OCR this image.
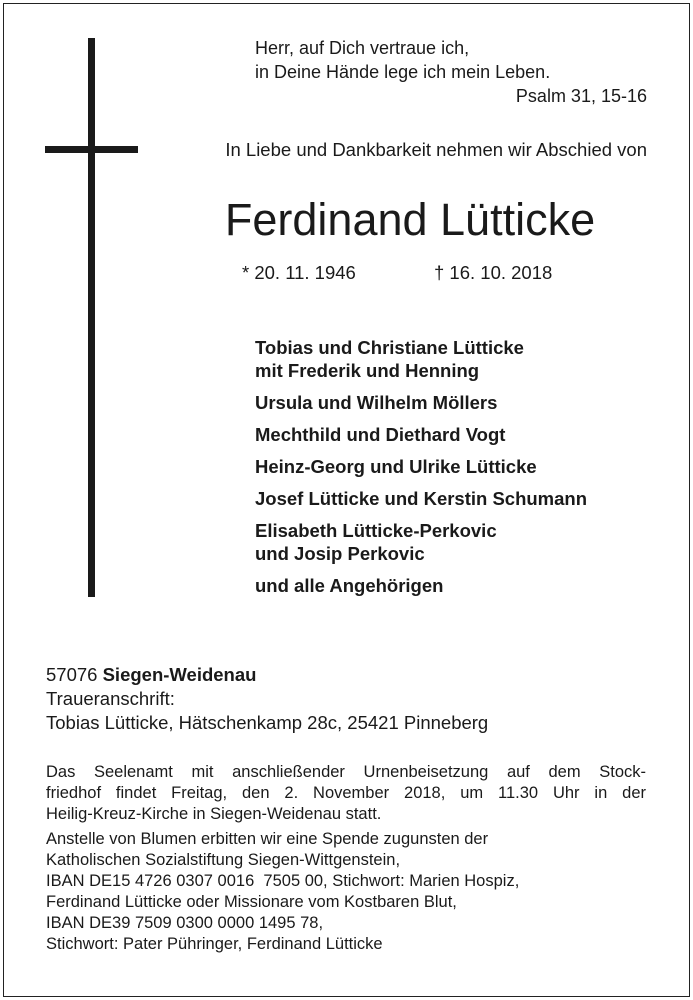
Herr, auf Dich vertraue ich,
in Deine Hände lege ich mein Leben.
Psalm 31, 15-16
In Liebe und Dankbarkeit nehmen wir Abschied von
Ferdinand Lütticke
* 20. 11. 1946	† 16. 10. 2018
Tobias und Christiane Lütticke
mit Frederik und Henning
Ursula und Wilhelm Möllers
Mechthild und Diethard Vogt
Heinz-Georg und Ulrike Lütticke
Josef Lütticke und Kerstin Schumann
Elisabeth Lütticke-Perkovic
und Josip Perkovic
und alle Angehörigen
57076 Siegen-Weidenau
Traueranschrift:
Tobias Lütticke, Hätschenkamp 28c, 25421 Pinneberg
Das Seelenamt mit anschließender Urnenbeisetzung auf dem Stock-
friedhof findet Freitag, den 2. November 2018, um 11.30 Uhr in der
Heilig-Kreuz-Kirche in Siegen-Weidenau statt.
Anstelle von Blumen erbitten wir eine Spende zugunsten der
Katholischen Sozialstiftung Siegen-Wittgenstein,
IBAN DE15 4726 0307 0016  7505 00, Stichwort: Marien Hospiz,
Ferdinand Lütticke oder Missionare vom Kostbaren Blut,
IBAN DE39 7509 0300 0000 1495 78,
Stichwort: Pater Pühringer, Ferdinand Lütticke
